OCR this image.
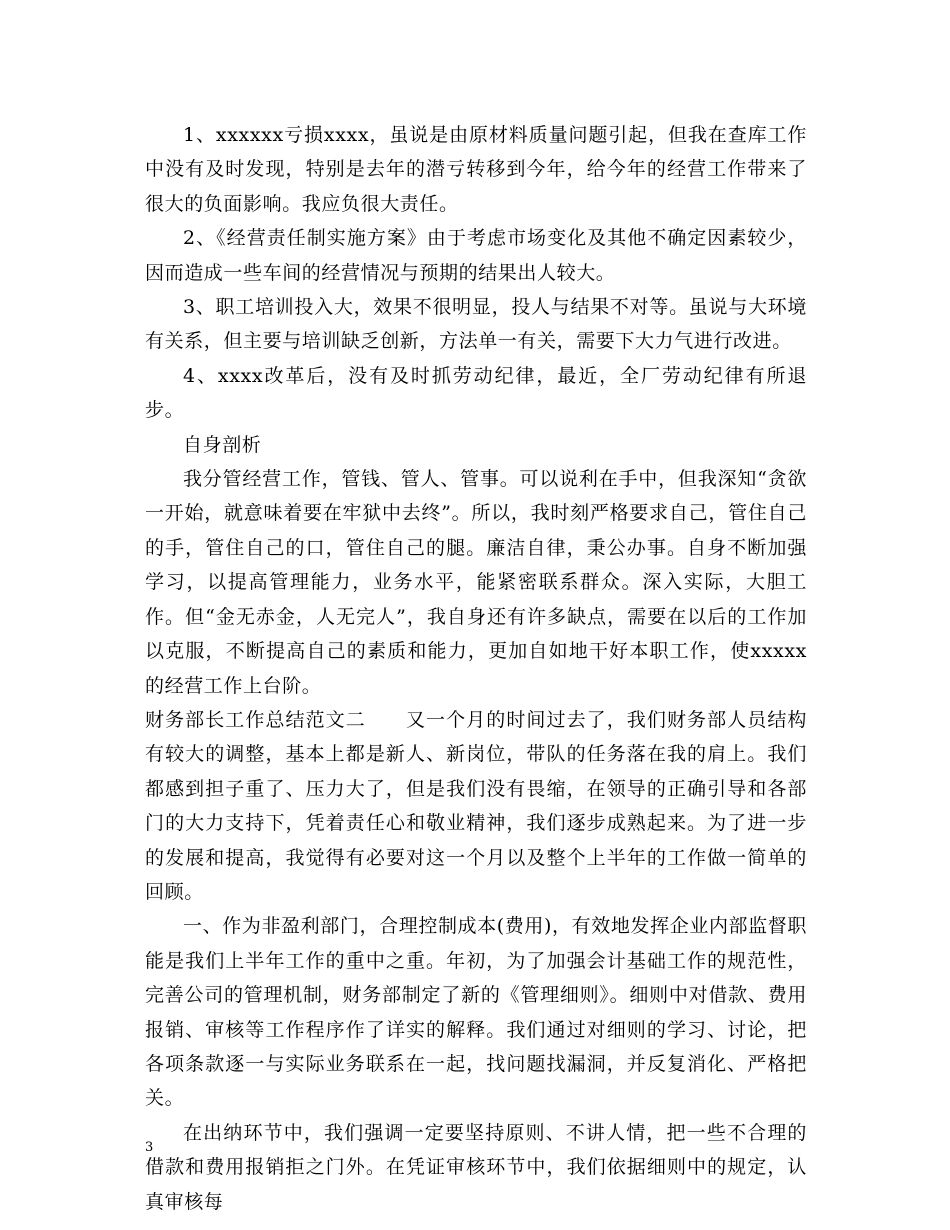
1、xxxxxx亏损xxxx，虽说是由原材料质量问题引起，但我在查库工作中没有及时发现，特别是去年的潜亏转移到今年，给今年的经营工作带来了很大的负面影响。我应负很大责任。

2、《经营责任制实施方案》由于考虑市场变化及其他不确定因素较少，因而造成一些车间的经营情况与预期的结果出人较大。

3、职工培训投入大，效果不很明显，投人与结果不对等。虽说与大环境有关系，但主要与培训缺乏创新，方法单一有关，需要下大力气进行改进。

4、xxxx改革后，没有及时抓劳动纪律，最近，全厂劳动纪律有所退步。

自身剖析

我分管经营工作，管钱、管人、管事。可以说利在手中，但我深知“贪欲一开始，就意味着要在牢狱中去终”。所以，我时刻严格要求自己，管住自己的手，管住自己的口，管住自己的腿。廉洁自律，秉公办事。自身不断加强学习，以提高管理能力，业务水平，能紧密联系群众。深入实际，大胆工作。但“金无赤金，人无完人”，我自身还有许多缺点，需要在以后的工作加以克服，不断提高自己的素质和能力，更加自如地干好本职工作，使xxxxx的经营工作上台阶。

财务部长工作总结范文二　　又一个月的时间过去了，我们财务部人员结构有较大的调整，基本上都是新人、新岗位，带队的任务落在我的肩上。我们都感到担子重了、压力大了，但是我们没有畏缩，在领导的正确引导和各部门的大力支持下，凭着责任心和敬业精神，我们逐步成熟起来。为了进一步的发展和提高，我觉得有必要对这一个月以及整个上半年的工作做一简单的回顾。

一、作为非盈利部门，合理控制成本(费用)，有效地发挥企业内部监督职能是我们上半年工作的重中之重。年初，为了加强会计基础工作的规范性，完善公司的管理机制，财务部制定了新的《管理细则》。细则中对借款、费用报销、审核等工作程序作了详实的解释。我们通过对细则的学习、讨论，把各项条款逐一与实际业务联系在一起，找问题找漏洞，并反复消化、严格把关。

在出纳环节中，我们强调一定要坚持原则、不讲人情，把一些不合理的借款和费用报销拒之门外。在凭证审核环节中，我们依据细则中的规定，认真审核每

3
